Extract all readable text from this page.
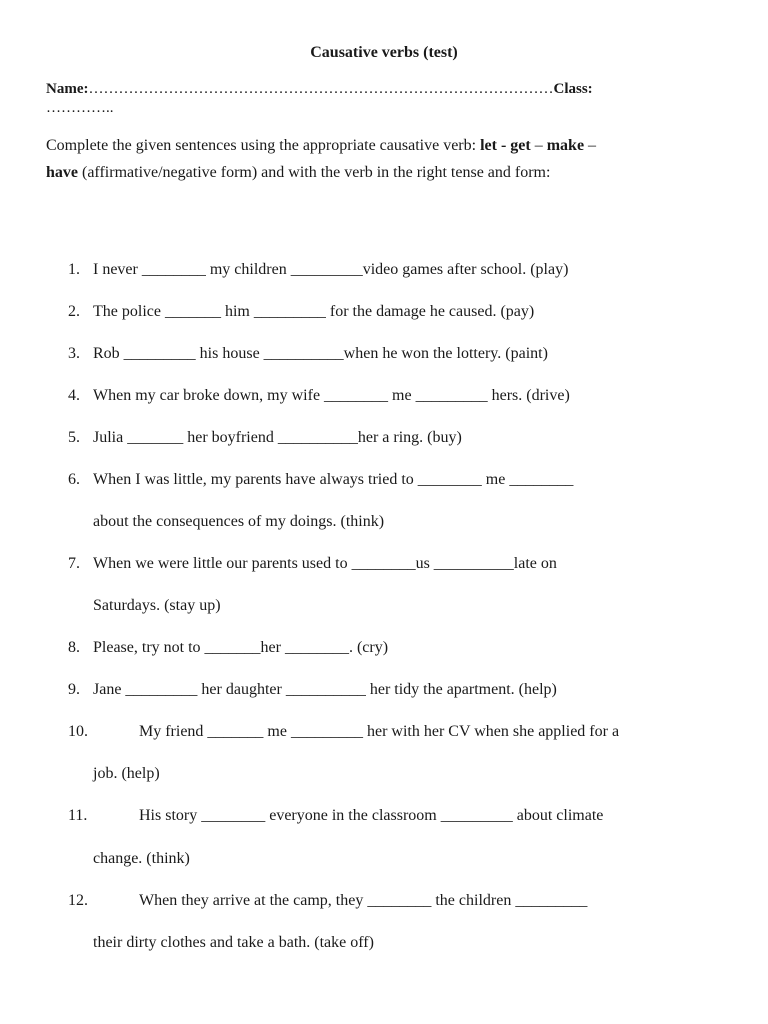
Causative verbs (test)
Name:…………………………………………………………………………………Class:
…………..
Complete the given sentences using the appropriate causative verb: let - get – make –
have (affirmative/negative form) and with the verb in the right tense and form:
1. I never ________ my children _________video games after school. (play)
2. The police _______ him _________ for the damage he caused. (pay)
3. Rob _________ his house __________when he won the lottery. (paint)
4. When my car broke down, my wife ________ me _________ hers. (drive)
5. Julia _______ her boyfriend __________her a ring. (buy)
6. When I was little, my parents have always tried to ________ me ________
about the consequences of my doings. (think)
7. When we were little our parents used to ________us __________late on
Saturdays. (stay up)
8. Please, try not to _______her ________. (cry)
9. Jane _________ her daughter __________ her tidy the apartment. (help)
10.	My friend _______ me _________ her with her CV when she applied for a
job. (help)
11.	His story ________ everyone in the classroom _________ about climate
change. (think)
12.	When they arrive at the camp, they ________ the children _________
their dirty clothes and take a bath. (take off)
